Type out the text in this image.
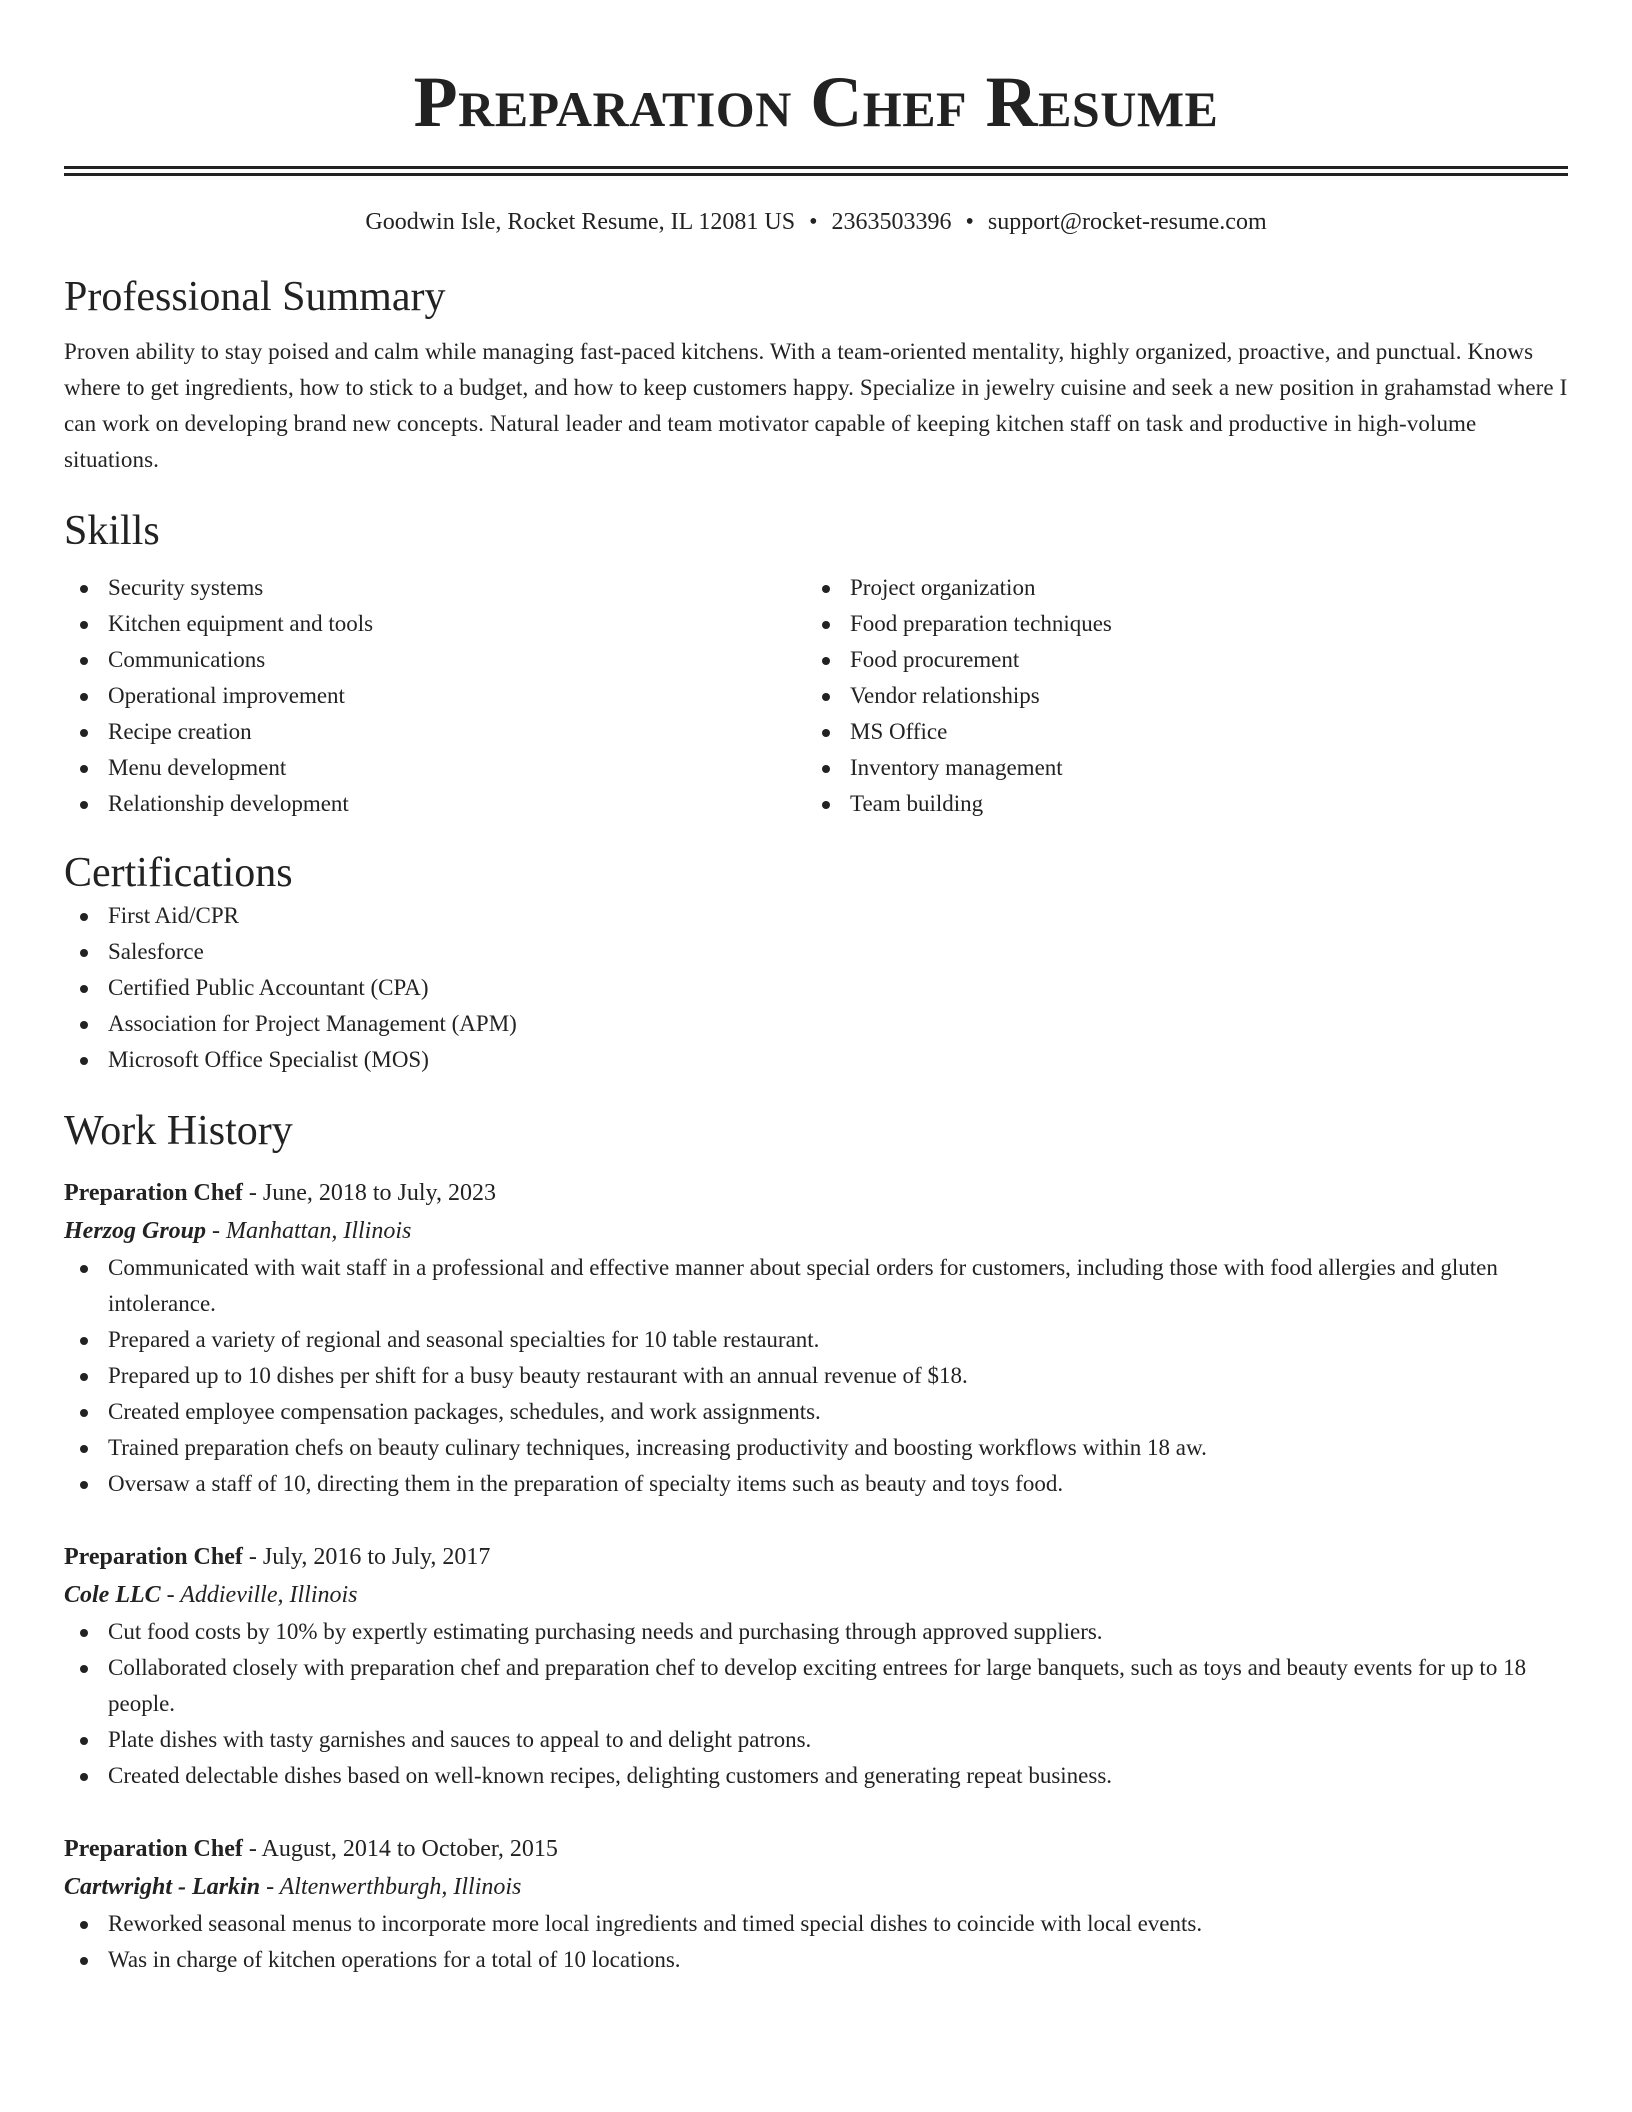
Preparation Chef Resume
Goodwin Isle, Rocket Resume, IL 12081 US • 2363503396 • support@rocket-resume.com
Professional Summary

Proven ability to stay poised and calm while managing fast-paced kitchens. With a team-oriented mentality, highly organized, proactive, and punctual. Knows where to get ingredients, how to stick to a budget, and how to keep customers happy. Specialize in jewelry cuisine and seek a new position in grahamstad where I can work on developing brand new concepts. Natural leader and team motivator capable of keeping kitchen staff on task and productive in high-volume situations.

Skills
Security systems
Kitchen equipment and tools
Communications
Operational improvement
Recipe creation
Menu development
Relationship development
Project organization
Food preparation techniques
Food procurement
Vendor relationships
MS Office
Inventory management
Team building
Certifications
First Aid/CPR
Salesforce
Certified Public Accountant (CPA)
Association for Project Management (APM)
Microsoft Office Specialist (MOS)
Work History
Preparation Chef - June, 2018 to July, 2023
Herzog Group - Manhattan, Illinois
Communicated with wait staff in a professional and effective manner about special orders for customers, including those with food allergies and gluten intolerance.
Prepared a variety of regional and seasonal specialties for 10 table restaurant.
Prepared up to 10 dishes per shift for a busy beauty restaurant with an annual revenue of $18.
Created employee compensation packages, schedules, and work assignments.
Trained preparation chefs on beauty culinary techniques, increasing productivity and boosting workflows within 18 aw.
Oversaw a staff of 10, directing them in the preparation of specialty items such as beauty and toys food.
Preparation Chef - July, 2016 to July, 2017
Cole LLC - Addieville, Illinois
Cut food costs by 10% by expertly estimating purchasing needs and purchasing through approved suppliers.
Collaborated closely with preparation chef and preparation chef to develop exciting entrees for large banquets, such as toys and beauty events for up to 18 people.
Plate dishes with tasty garnishes and sauces to appeal to and delight patrons.
Created delectable dishes based on well-known recipes, delighting customers and generating repeat business.
Preparation Chef - August, 2014 to October, 2015
Cartwright - Larkin - Altenwerthburgh, Illinois
Reworked seasonal menus to incorporate more local ingredients and timed special dishes to coincide with local events.
Was in charge of kitchen operations for a total of 10 locations.
